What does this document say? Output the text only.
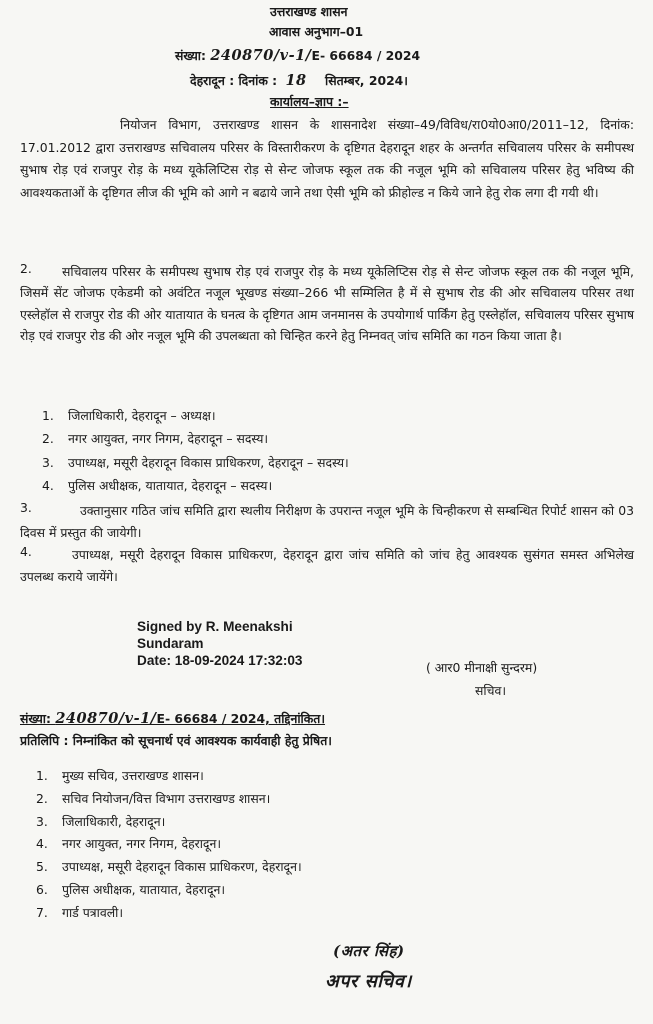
उत्तराखण्ड शासन
आवास अनुभाग–01
संख्या: 240870/v-1/E- 66684 / 2024
देहरादून : दिनांक : 18 सितम्बर, 2024।
कार्यालय–ज्ञाप :–
नियोजन विभाग, उत्तराखण्ड शासन के शासनादेश संख्या–49/विविध/रा0यो0आ0/2011–12, दिनांक: 17.01.2012 द्वारा उत्तराखण्ड सचिवालय परिसर के विस्तारीकरण के दृष्टिगत देहरादून शहर के अन्तर्गत सचिवालय परिसर के समीपस्थ सुभाष रोड़ एवं राजपुर रोड़ के मध्य यूकेलिप्टिस रोड़ से सेन्ट जोजफ स्कूल तक की नजूल भूमि को सचिवालय परिसर हेतु भविष्य की आवश्यकताओं के दृष्टिगत लीज की भूमि को आगे न बढाये जाने तथा ऐसी भूमि को फ्रीहोल्ड न किये जाने हेतु रोक लगा दी गयी थी।
2.	सचिवालय परिसर के समीपस्थ सुभाष रोड़ एवं राजपुर रोड़ के मध्य यूकेलिप्टिस रोड़ से सेन्ट जोजफ स्कूल तक की नजूल भूमि, जिसमें सेंट जोजफ एकेडमी को अवंटित नजूल भूखण्ड संख्या–266 भी सम्मिलित है में से सुभाष रोड की ओर सचिवालय परिसर तथा एस्लेहॉल से राजपुर रोड की ओर यातायात के घनत्व के दृष्टिगत आम जनमानस के उपयोगार्थ पार्किंग हेतु एस्लेहॉल, सचिवालय परिसर सुभाष रोड़ एवं राजपुर रोड की ओर नजूल भूमि की उपलब्धता को चिन्हित करने हेतु निम्नवत् जांच समिति का गठन किया जाता है।
1. जिलाधिकारी, देहरादून – अध्यक्ष।
2. नगर आयुक्त, नगर निगम, देहरादून – सदस्य।
3. उपाध्यक्ष, मसूरी देहरादून विकास प्राधिकरण, देहरादून – सदस्य।
4. पुलिस अधीक्षक, यातायात, देहरादून – सदस्य।
3.	उक्तानुसार गठित जांच समिति द्वारा स्थलीय निरीक्षण के उपरान्त नजूल भूमि के चिन्हीकरण से सम्बन्धित रिपोर्ट शासन को 03 दिवस में प्रस्तुत की जायेगी।
4.	उपाध्यक्ष, मसूरी देहरादून विकास प्राधिकरण, देहरादून द्वारा जांच समिति को जांच हेतु आवश्यक सुसंगत समस्त अभिलेख उपलब्ध कराये जायेंगे।
Signed by R. Meenakshi
Sundaram
Date: 18-09-2024 17:32:03	( आर0 मीनाक्षी सुन्दरम)
सचिव।
संख्या: 240870/v-1/E- 66684 / 2024, तद्दिनांकित।
प्रतिलिपि : निम्नांकित को सूचनार्थ एवं आवश्यक कार्यवाही हेतु प्रेषित।
1. मुख्य सचिव, उत्तराखण्ड शासन।
2. सचिव नियोजन/वित्त विभाग उत्तराखण्ड शासन।
3. जिलाधिकारी, देहरादून।
4. नगर आयुक्त, नगर निगम, देहरादून।
5. उपाध्यक्ष, मसूरी देहरादून विकास प्राधिकरण, देहरादून।
6. पुलिस अधीक्षक, यातायात, देहरादून।
7. गार्ड पत्रावली।
(अतर सिंह)
अपर सचिव।
